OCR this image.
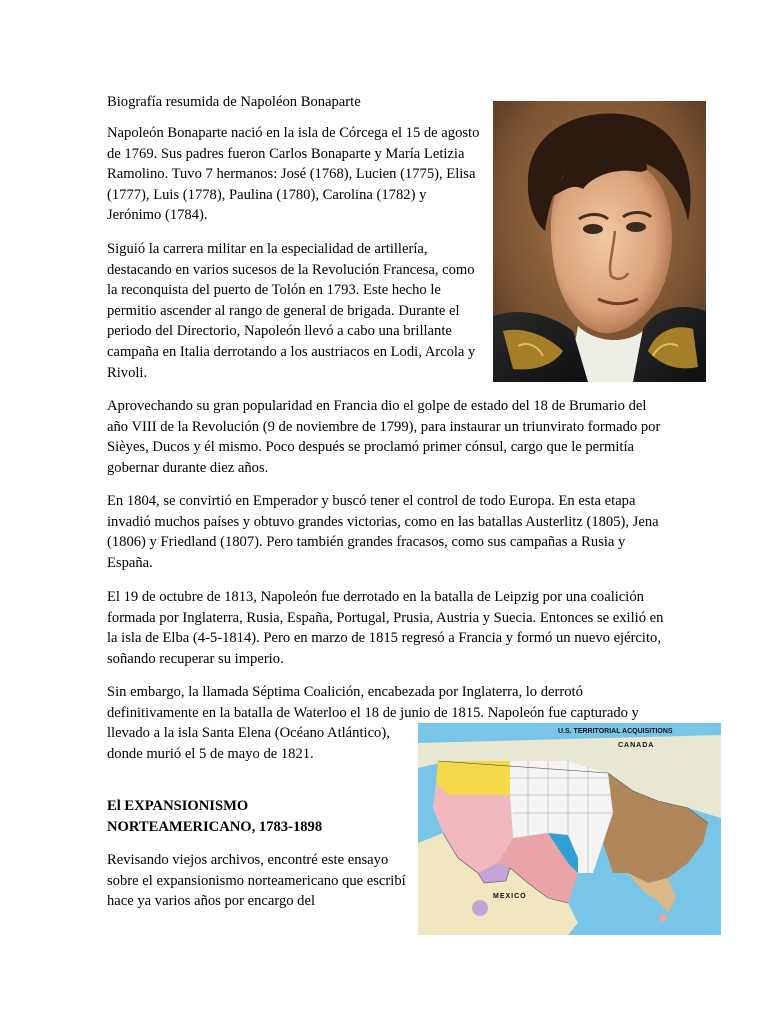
Biografía resumida de Napoléon Bonaparte

Napoleón Bonaparte nació en la isla de Córcega el 15 de agosto de 1769. Sus padres fueron Carlos Bonaparte y María Letizia Ramolino. Tuvo 7 hermanos: José (1768), Lucien (1775), Elisa (1777), Luis (1778), Paulina (1780), Carolina (1782) y Jerónimo (1784).

Siguió la carrera militar en la especialidad de artillería, destacando en varios sucesos de la Revolución Francesa, como la reconquista del puerto de Tolón en 1793. Este hecho le permitio ascender al rango de general de brigada. Durante el periodo del Directorio, Napoleón llevó a cabo una brillante campaña en Italia derrotando a los austriacos en Lodi, Arcola y Rivoli.

Aprovechando su gran popularidad en Francia dio el golpe de estado del 18 de Brumario del año VIII de la Revolución (9 de noviembre de 1799), para instaurar un triunvirato formado por Sièyes, Ducos y él mismo. Poco después se proclamó primer cónsul, cargo que le permitía gobernar durante diez años.

En 1804, se convirtió en Emperador y buscó tener el control de todo Europa. En esta etapa invadió muchos países y obtuvo grandes victorias, como en las batallas Austerlitz (1805), Jena (1806) y Friedland (1807). Pero también grandes fracasos, como sus campañas a Rusia y España.

El 19 de octubre de 1813, Napoleón fue derrotado en la batalla de Leipzig por una coalición formada por Inglaterra, Rusia, España, Portugal, Prusia, Austria y Suecia. Entonces se exilió en la isla de Elba (4-5-1814). Pero en marzo de 1815 regresó a Francia y formó un nuevo ejército, soñando recuperar su imperio.

Sin embargo, la llamada Séptima Coalición, encabezada por Inglaterra, lo derrotó
definitivamente en la batalla de Waterloo el 18 de junio de 1815. Napoleón fue capturado y
llevado a la isla Santa Elena (Océano Atlántico),
donde murió el 5 de mayo de 1821.

El EXPANSIONISMO
NORTEAMERICANO, 1783-1898

Revisando viejos archivos, encontré este ensayo sobre el expansionismo norteamericano que escribí hace ya varios años por encargo del

U.S. TERRITORIAL ACQUISITIONS
CANADA
MEXICO
